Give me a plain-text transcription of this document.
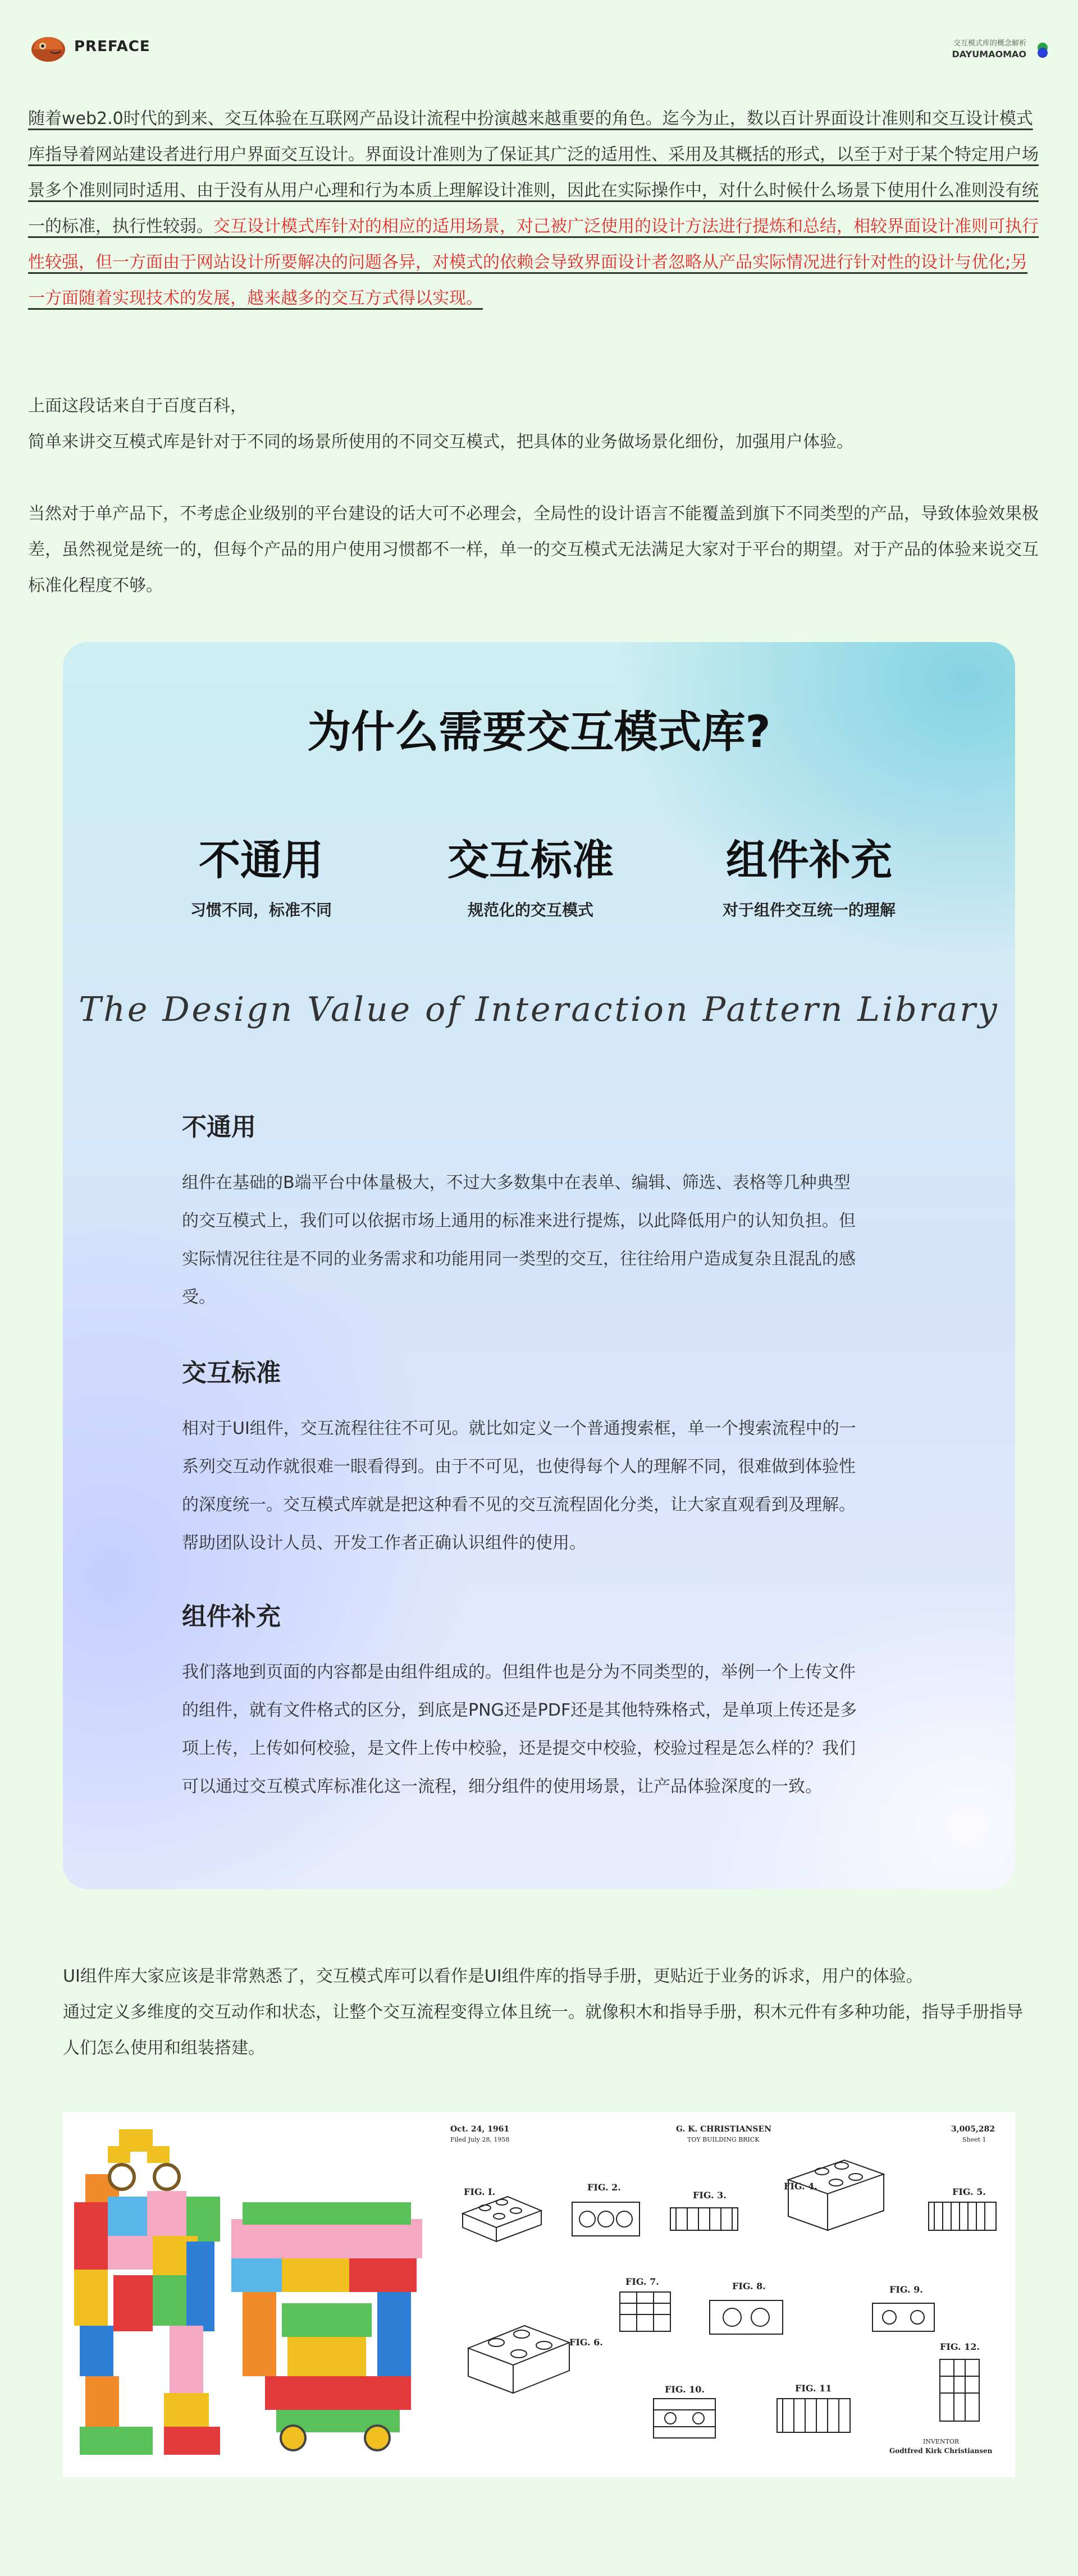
PREFACE	交互模式库的概念解析
DAYUMAOMAO
随着web2.0时代的到来、交互体验在互联网产品设计流程中扮演越来越重要的角色。迄今为止，数以百计界面设计准则和交互设计模式库指导着网站建设者进行用户界面交互设计。界面设计准则为了保证其广泛的适用性、采用及其概括的形式，以至于对于某个特定用户场景多个准则同时适用、由于没有从用户心理和行为本质上理解设计准则，因此在实际操作中，对什么时候什么场景下使用什么准则没有统一的标准，执行性较弱。交互设计模式库针对的相应的适用场景，对己被广泛使用的设计方法进行提炼和总结，相较界面设计准则可执行性较强，但一方面由于网站设计所要解决的问题各异，对模式的依赖会导致界面设计者忽略从产品实际情况进行针对性的设计与优化;另一方面随着实现技术的发展，越来越多的交互方式得以实现。
上面这段话来自于百度百科，
简单来讲交互模式库是针对于不同的场景所使用的不同交互模式，把具体的业务做场景化细份，加强用户体验。
当然对于单产品下，不考虑企业级别的平台建设的话大可不必理会，全局性的设计语言不能覆盖到旗下不同类型的产品，导致体验效果极差，虽然视觉是统一的，但每个产品的用户使用习惯都不一样，单一的交互模式无法满足大家对于平台的期望。对于产品的体验来说交互标准化程度不够。
为什么需要交互模式库?
不通用
习惯不同，标准不同
交互标准
规范化的交互模式
组件补充
对于组件交互统一的理解
The Design Value of Interaction Pattern Library
不通用
组件在基础的B端平台中体量极大，不过大多数集中在表单、编辑、筛选、表格等几种典型的交互模式上，我们可以依据市场上通用的标准来进行提炼，以此降低用户的认知负担。但实际情况往往是不同的业务需求和功能用同一类型的交互，往往给用户造成复杂且混乱的感受。
交互标准
相对于UI组件，交互流程往往不可见。就比如定义一个普通搜索框，单一个搜索流程中的一系列交互动作就很难一眼看得到。由于不可见，也使得每个人的理解不同，很难做到体验性的深度统一。交互模式库就是把这种看不见的交互流程固化分类，让大家直观看到及理解。帮助团队设计人员、开发工作者正确认识组件的使用。
组件补充
我们落地到页面的内容都是由组件组成的。但组件也是分为不同类型的，举例一个上传文件的组件，就有文件格式的区分，到底是PNG还是PDF还是其他特殊格式，是单项上传还是多项上传，上传如何校验，是文件上传中校验，还是提交中校验，校验过程是怎么样的？我们可以通过交互模式库标准化这一流程，细分组件的使用场景，让产品体验深度的一致。
UI组件库大家应该是非常熟悉了，交互模式库可以看作是UI组件库的指导手册，更贴近于业务的诉求，用户的体验。
通过定义多维度的交互动作和状态，让整个交互流程变得立体且统一。就像积木和指导手册，积木元件有多种功能，指导手册指导人们怎么使用和组装搭建。
Oct. 24, 1961
Filed July 28, 1958
G. K. CHRISTIANSEN
TOY BUILDING BRICK
3,005,282
Sheet 1
FIG. I.	FIG. 2.
FIG. 3.
FIG. 4.
FIG. 5.
FIG. 6.
FIG. 7.	FIG. 8.	FIG. 9.
FIG. 10.	FIG. 11
FIG. 12.
INVENTOR
Godtfred Kirk Christiansen
